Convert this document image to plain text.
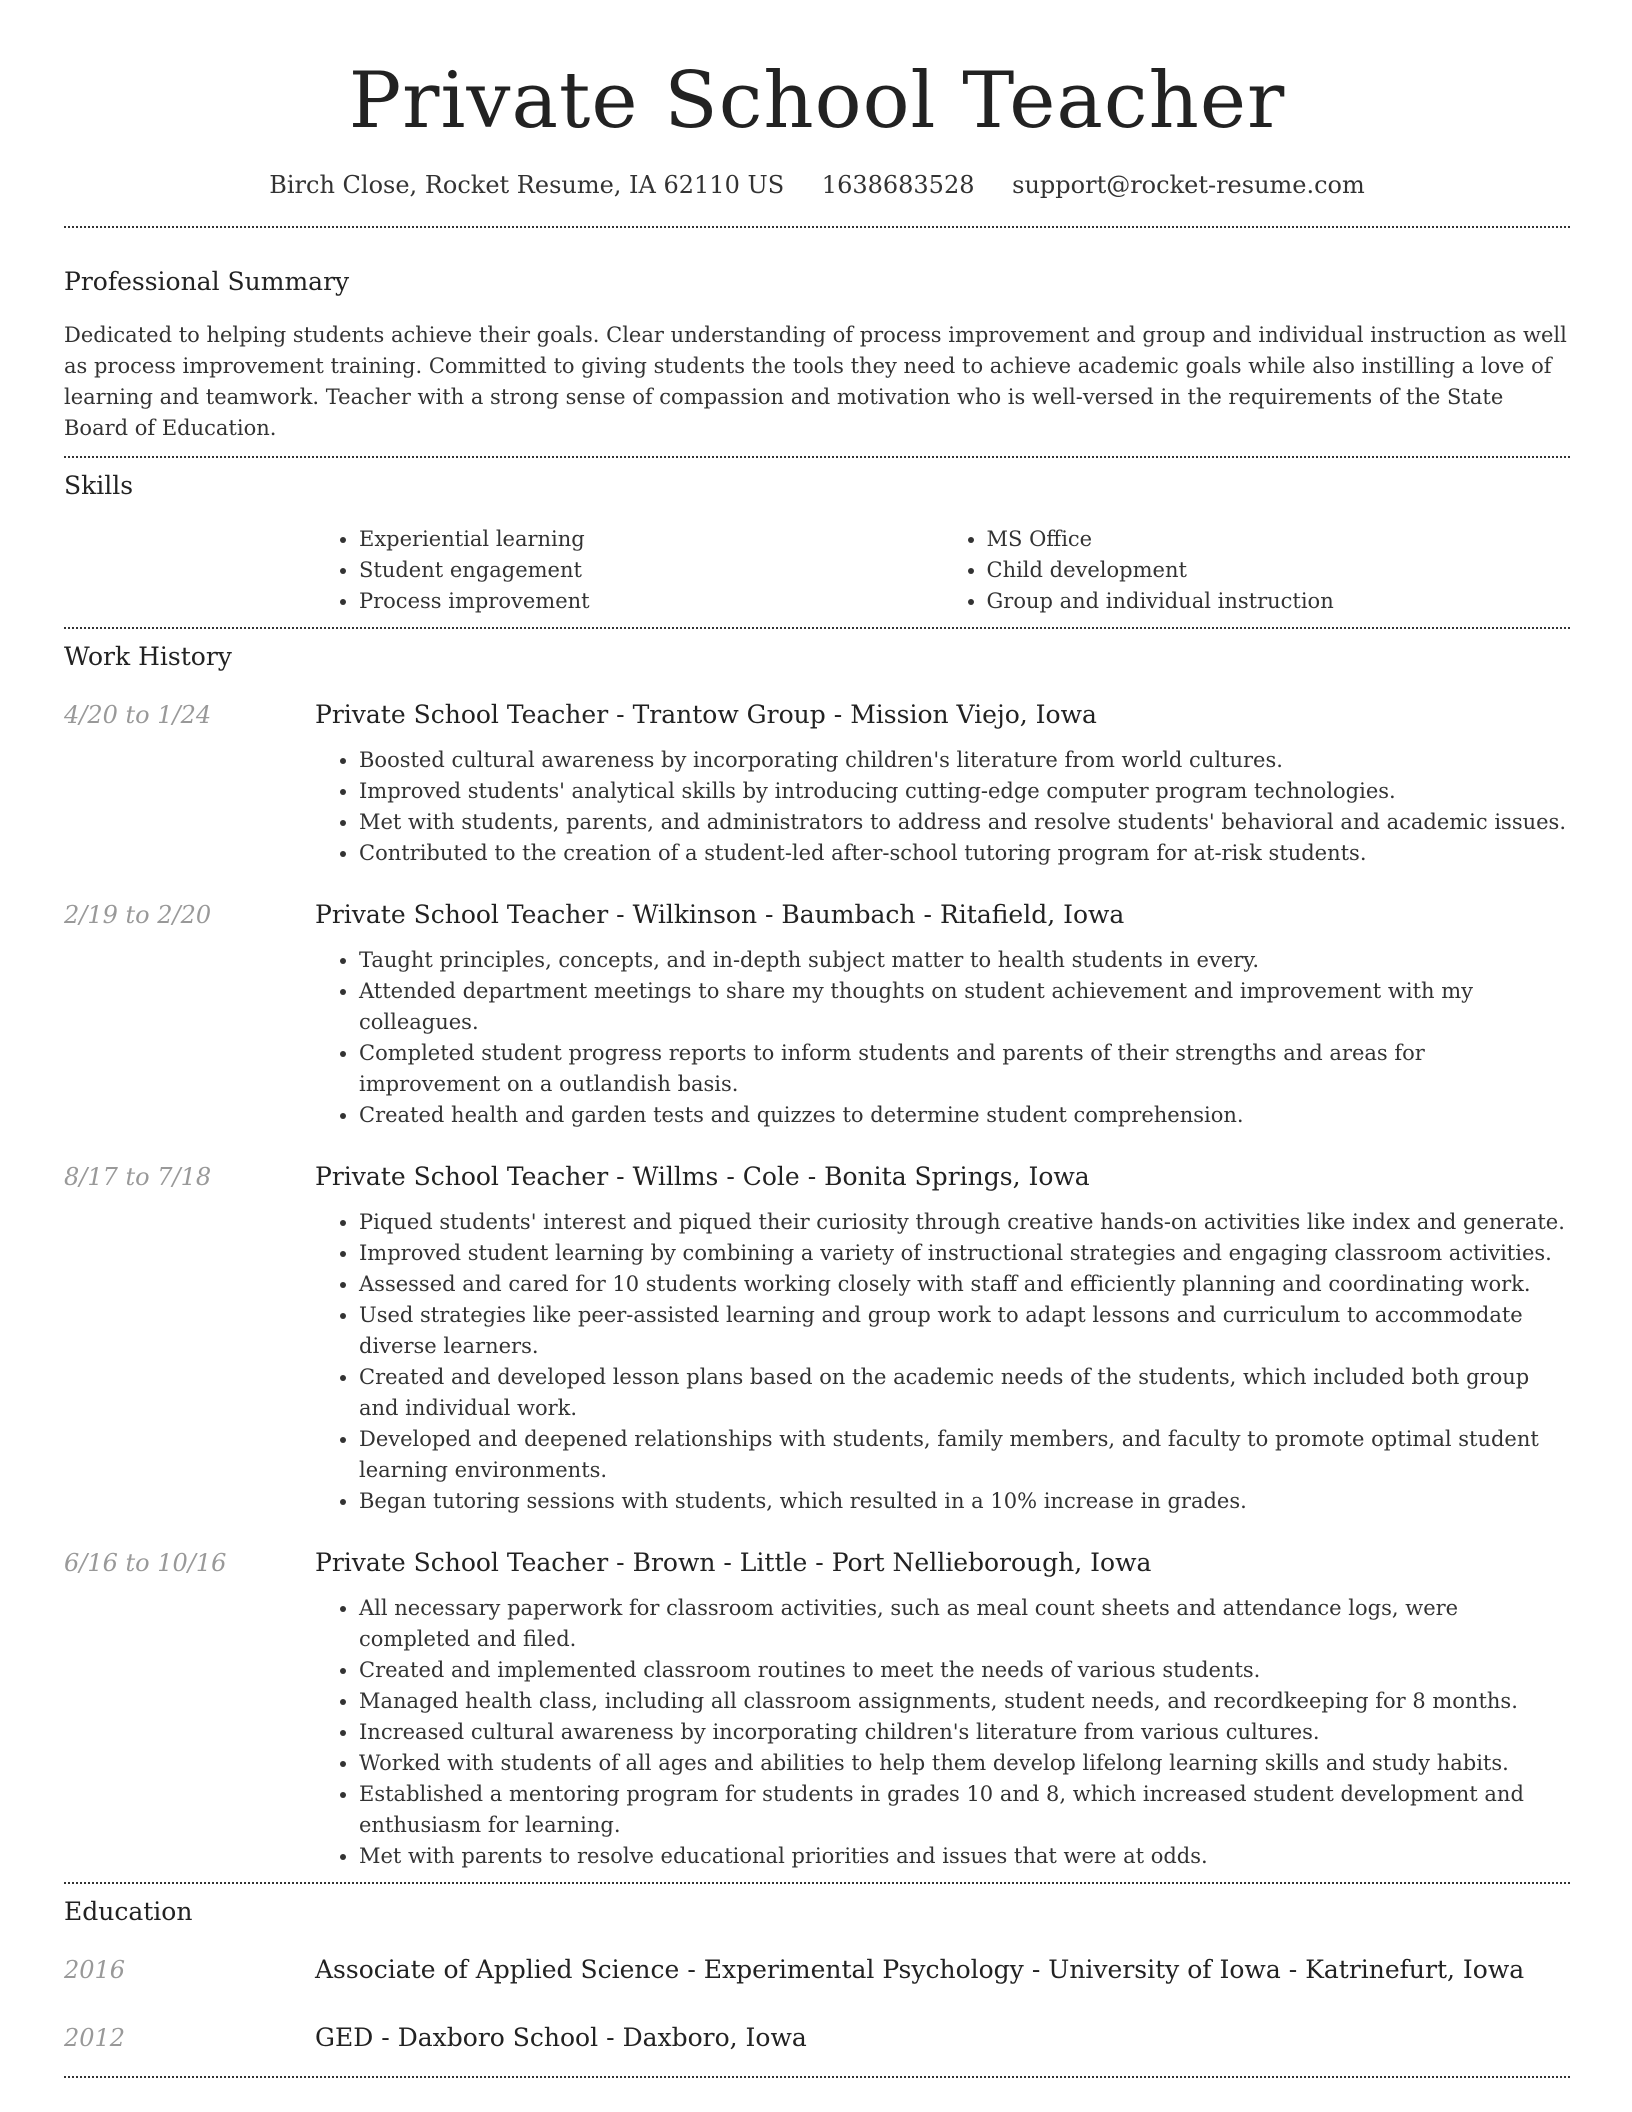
Private School Teacher
Birch Close, Rocket Resume, IA 62110 US 1638683528 support@rocket-resume.com
Professional Summary

Dedicated to helping students achieve their goals. Clear understanding of process improvement and group and individual instruction as well as process improvement training. Committed to giving students the tools they need to achieve academic goals while also instilling a love of learning and teamwork. Teacher with a strong sense of compassion and motivation who is well-versed in the requirements of the State Board of Education.

Skills
• Experiential learning
• Student engagement
• Process improvement
• MS Office
• Child development
• Group and individual instruction
Work History
4/20 to 1/24	Private School Teacher - Trantow Group - Mission Viejo, Iowa
• Boosted cultural awareness by incorporating children's literature from world cultures.
• Improved students' analytical skills by introducing cutting-edge computer program technologies.
• Met with students, parents, and administrators to address and resolve students' behavioral and academic issues.
• Contributed to the creation of a student-led after-school tutoring program for at-risk students.
2/19 to 2/20	Private School Teacher - Wilkinson - Baumbach - Ritafield, Iowa
• Taught principles, concepts, and in-depth subject matter to health students in every.
• Attended department meetings to share my thoughts on student achievement and improvement with my colleagues.
• Completed student progress reports to inform students and parents of their strengths and areas for improvement on a outlandish basis.
• Created health and garden tests and quizzes to determine student comprehension.
8/17 to 7/18	Private School Teacher - Willms - Cole - Bonita Springs, Iowa
• Piqued students' interest and piqued their curiosity through creative hands-on activities like index and generate.
• Improved student learning by combining a variety of instructional strategies and engaging classroom activities.
• Assessed and cared for 10 students working closely with staff and efficiently planning and coordinating work.
• Used strategies like peer-assisted learning and group work to adapt lessons and curriculum to accommodate diverse learners.
• Created and developed lesson plans based on the academic needs of the students, which included both group and individual work.
• Developed and deepened relationships with students, family members, and faculty to promote optimal student learning environments.
• Began tutoring sessions with students, which resulted in a 10% increase in grades.
6/16 to 10/16	Private School Teacher - Brown - Little - Port Nellieborough, Iowa
• All necessary paperwork for classroom activities, such as meal count sheets and attendance logs, were completed and filed.
• Created and implemented classroom routines to meet the needs of various students.
• Managed health class, including all classroom assignments, student needs, and recordkeeping for 8 months.
• Increased cultural awareness by incorporating children's literature from various cultures.
• Worked with students of all ages and abilities to help them develop lifelong learning skills and study habits.
• Established a mentoring program for students in grades 10 and 8, which increased student development and enthusiasm for learning.
• Met with parents to resolve educational priorities and issues that were at odds.
Education
2016	Associate of Applied Science - Experimental Psychology - University of Iowa - Katrinefurt, Iowa
2012	GED - Daxboro School - Daxboro, Iowa
